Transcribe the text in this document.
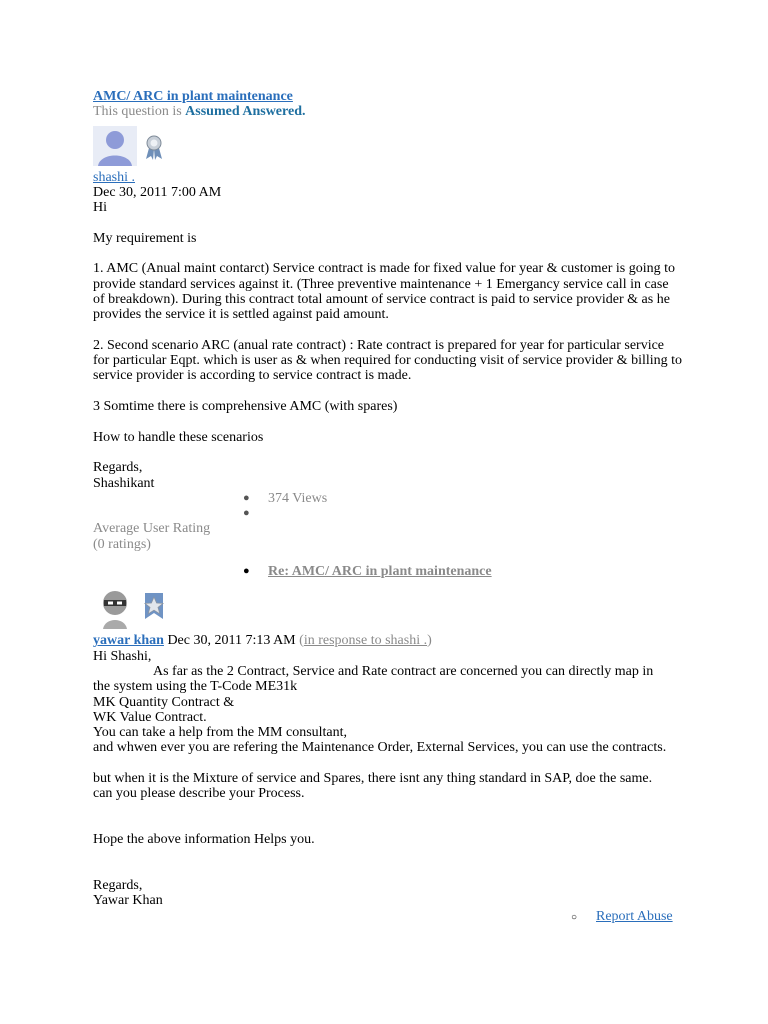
AMC/ ARC in plant maintenance
This question is Assumed Answered.
shashi .
Dec 30, 2011 7:00 AM
Hi
My requirement is
1. AMC (Anual maint contarct) Service contract is made for fixed value for year & customer is going to provide standard services against it. (Three preventive maintenance + 1 Emergancy service call in case of breakdown). During this contract total amount of service contract is paid to service provider & as he provides the service it is settled against paid amount.
2. Second scenario ARC (anual rate contract) : Rate contract is prepared for year for particular service for particular Eqpt. which is user as & when required for conducting visit of service provider & billing to service provider is according to service contract is made.
3 Somtime there is comprehensive AMC (with spares)
How to handle these scenarios
Regards,
Shashikant
● 374 Views
●
Average User Rating
(0 ratings)
● Re: AMC/ ARC in plant maintenance
yawar khan Dec 30, 2011 7:13 AM (in response to shashi .)
Hi Shashi,
As far as the 2 Contract, Service and Rate contract are concerned you can directly map in
the system using the T-Code ME31k
MK Quantity Contract &
WK Value Contract.
You can take a help from the MM consultant,
and whwen ever you are refering the Maintenance Order, External Services, you can use the contracts.
but when it is the Mixture of service and Spares, there isnt any thing standard in SAP, doe the same.
can you please describe your Process.
Hope the above information Helps you.
Regards,
Yawar Khan
○ Report Abuse
